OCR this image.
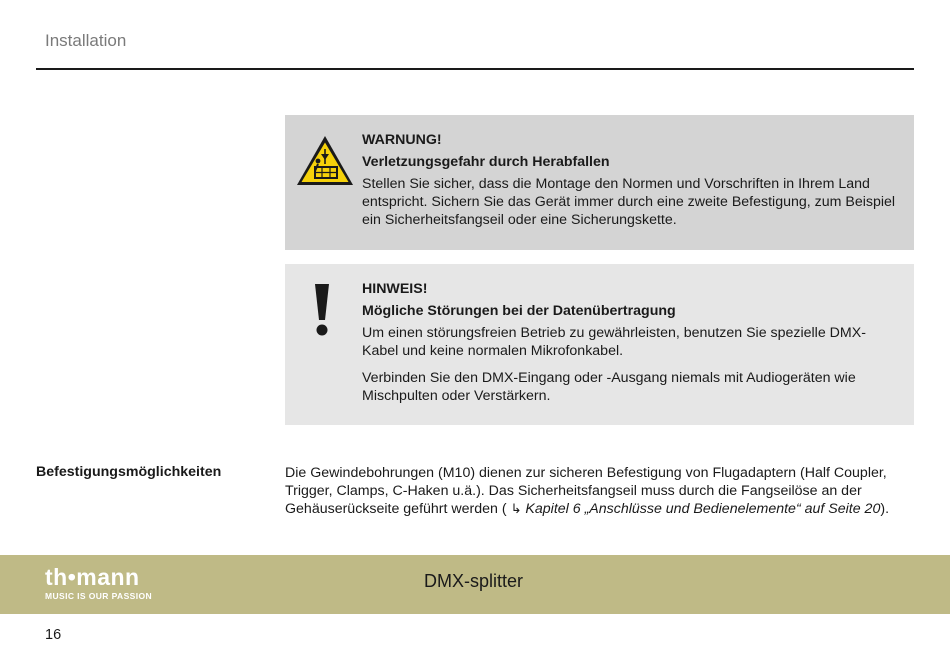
Installation
WARNUNG!
Verletzungsgefahr durch Herabfallen

Stellen Sie sicher, dass die Montage den Normen und Vorschriften in Ihrem Land entspricht. Sichern Sie das Gerät immer durch eine zweite Befestigung, zum Beispiel ein Sicherheitsfangseil oder eine Sicherungskette.

HINWEIS!
Mögliche Störungen bei der Datenübertragung

Um einen störungsfreien Betrieb zu gewährleisten, benutzen Sie spezielle DMX-Kabel und keine normalen Mikrofonkabel.

Verbinden Sie den DMX-Eingang oder -Ausgang niemals mit Audiogeräten wie Mischpulten oder Verstärkern.

Befestigungsmöglichkeiten	Die Gewindebohrungen (M10) dienen zur sicheren Befestigung von Flugadaptern (Half Coupler, Trigger, Clamps, C-Haken u.ä.). Das Sicherheitsfangseil muss durch die Fangseilöse an der Gehäuserückseite geführt werden ( ↳ Kapitel 6 „Anschlüsse und Bedienelemente“ auf Seite 20).
th•mann
MUSIC IS OUR PASSION
DMX-splitter
16
